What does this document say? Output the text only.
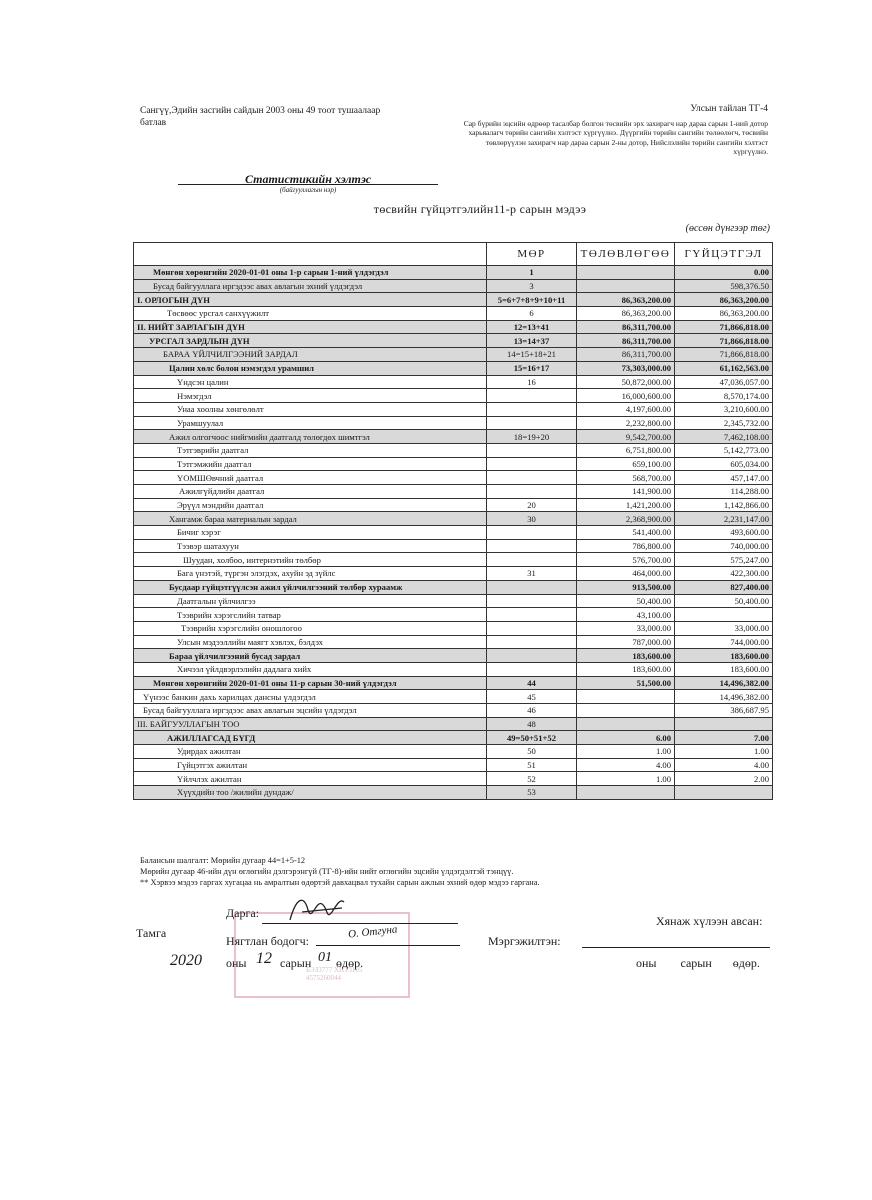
Сангүү,Эдийн засгийн сайдын 2003 оны 49 тоот тушаалаар батлав
Улсын тайлан ТГ-4
Сар бүрийн эцсийн өдрөөр тасалбар болгон төсвийн эрх захирагч нар дараа сарын 1-ний дотор харьяалагч төрийн сангийн хэлтэст хүргүүлнэ. Дүүргийн төрийн сангийн төлөөлөгч, төсвийн төвлөрүүлэн захирагч нар дараа сарын 2-ны дотор, Нийслэлийн төрийн сангийн хэлтэст хүргүүлнэ.
Статистикийн хэлтэс
(байгууллагын нэр)
төсвийн гүйцэтгэлийн11-р сарын мэдээ
(өссөн дүнгээр төг)
	МӨР	ТӨЛӨВЛӨГӨӨ	ГҮЙЦЭТГЭЛ
Мөнгөн хөрөнгийн 2020-01-01 оны 1-р сарын 1-ний үлдэгдэл	1		0.00
Бусад байгууллага иргэдээс авах авлагын эхний үлдэгдэл	3		598,376.50
I. ОРЛОГЫН ДҮН	5=6+7+8+9+10+11	86,363,200.00	86,363,200.00
Төсвөөс урсгал санхүүжилт	6	86,363,200.00	86,363,200.00
II. НИЙТ ЗАРЛАГЫН ДҮН	12=13+41	86,311,700.00	71,866,818.00
УРСГАЛ ЗАРДЛЫН ДҮН	13=14+37	86,311,700.00	71,866,818.00
БАРАА ҮЙЛЧИЛГЭЭНИЙ ЗАРДАЛ	14=15+18+21	86,311,700.00	71,866,818.00
Цалин хөлс болон нэмэгдэл урамшил	15=16+17	73,303,000.00	61,162,563.00
Үндсэн цалин	16	50,872,000.00	47,036,057.00
Нэмэгдэл		16,000,600.00	8,570,174.00
Унаа хоолны хөнгөлөлт		4,197,600.00	3,210,600.00
Урамшуулал		2,232,800.00	2,345,732.00
Ажил олгогчоос нийгмийн даатгалд төлөгдөх шимтгэл	18=19+20	9,542,700.00	7,462,108.00
Тэтгэврийн даатгал		6,751,800.00	5,142,773.00
Тэтгэмжийн даатгал		659,100.00	605,034.00
ҮОМШӨвчний даатгал		568,700.00	457,147.00
Ажилгүйдлийн даатгал		141,900.00	114,288.00
Эрүүл мэндийн даатгал	20	1,421,200.00	1,142,866.00
Хангамж бараа материалын зардал	30	2,368,900.00	2,231,147.00
Бичиг хэрэг		541,400.00	493,600.00
Тээвэр шатахуун		786,800.00	740,000.00
Шуудан, холбоо, интернэтийн төлбөр		576,700.00	575,247.00
Бага үнэтэй, түргэн элэгдэх, ахуйн эд зүйлс	31	464,000.00	422,300.00
Бусдаар гүйцэтгүүлсэн ажил үйлчилгээний төлбөр хураамж		913,500.00	827,400.00
Даатгалын үйлчилгээ		50,400.00	50,400.00
Тээврийн хэрэгслийн татвар		43,100.00	
Тээврийн хэрэгслийн оношлогоо		33,000.00	33,000.00
Улсын мэдээллийн маягт хэвлэх, бэлдэх		787,000.00	744,000.00
Бараа үйлчилгээний бусад зардал		183,600.00	183,600.00
Хичээл үйлдвэрлэлийн дадлага хийх		183,600.00	183,600.00
Мөнгөн хөрөнгийн 2020-01-01 оны 11-р сарын 30-ний үлдэгдэл	44	51,500.00	14,496,382.00
Үүнээс банкин дахь харилцах дансны үлдэгдэл	45		14,496,382.00
Бусад байгууллага иргэдээс авах авлагын эцсийн үлдэгдэл	46		386,687.95
III. БАЙГУУЛЛАГЫН ТОО	48		
АЖИЛЛАГСАД БҮГД	49=50+51+52	6.00	7.00
Удирдах ажилтан	50	1.00	1.00
Гүйцэтгэх ажилтан	51	4.00	4.00
Үйлчлэх ажилтан	52	1.00	2.00
Хүүхдийн тоо /жилийн дундаж/	53		
Балансын шалгалт: Мөрийн дугаар 44=1+5-12
Мөрийн дугаар 46-ийн дүн өглөгийн дэлгэрэнгүй (ТГ-8)-ийн нийт өглөгийн эцсийн үлдэгдэлтэй тэнцүү.
** Хэрвээ мэдээ гаргах хугацаа нь амралтын өдөртэй давхацвал тухайн сарын ажлын эхний өдөр мэдээ гаргана.
БЭЗ3777 ХНТ3105
4575260044
Дарга:
Тамга
Нягтлан бодогч:
О. Отгуна
Мэргэжилтэн:
Хянаж хүлээн авсан:
2020 оны 12 сарын 01 өдөр.	оны        сарын       өдөр.
